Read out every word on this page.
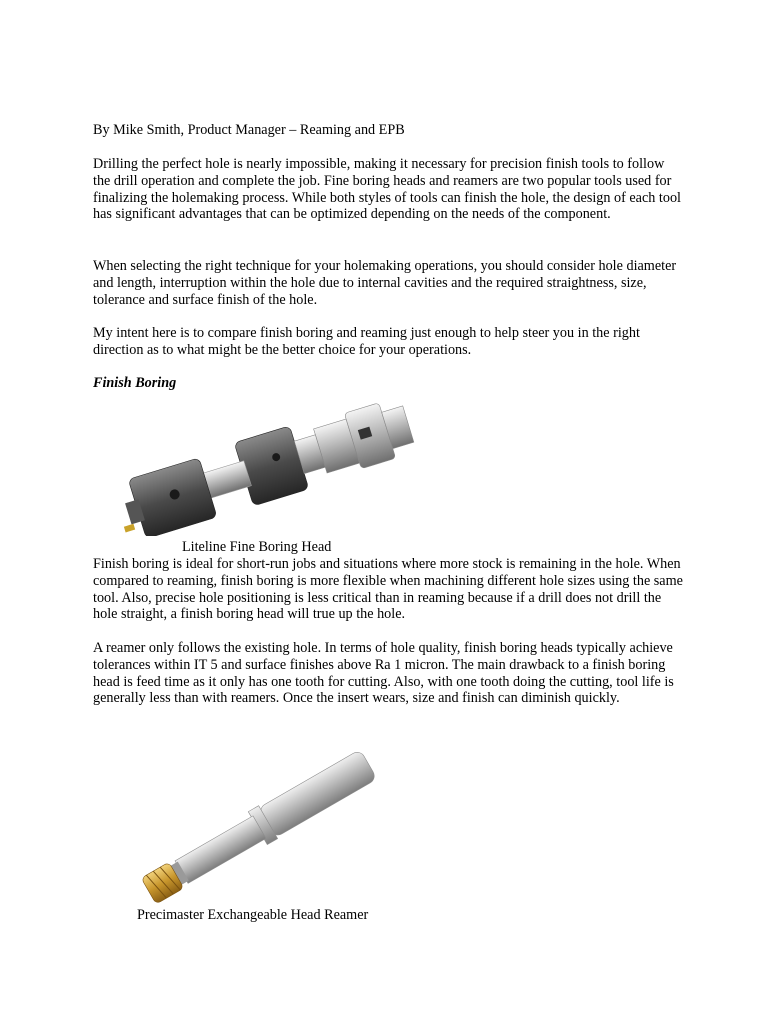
By Mike Smith, Product Manager – Reaming and EPB

Drilling the perfect hole is nearly impossible, making it necessary for precision finish tools to follow the drill operation and complete the job. Fine boring heads and reamers are two popular tools used for finalizing the holemaking process. While both styles of tools can finish the hole, the design of each tool has significant advantages that can be optimized depending on the needs of the component.

When selecting the right technique for your holemaking operations, you should consider hole diameter and length, interruption within the hole due to internal cavities and the required straightness, size, tolerance and surface finish of the hole.

My intent here is to compare finish boring and reaming just enough to help steer you in the right direction as to what might be the better choice for your operations.

Finish Boring

Liteline Fine Boring Head

Finish boring is ideal for short-run jobs and situations where more stock is remaining in the hole. When compared to reaming, finish boring is more flexible when machining different hole sizes using the same tool. Also, precise hole positioning is less critical than in reaming because if a drill does not drill the hole straight, a finish boring head will true up the hole.

A reamer only follows the existing hole. In terms of hole quality, finish boring heads typically achieve tolerances within IT 5 and surface finishes above Ra 1 micron. The main drawback to a finish boring head is feed time as it only has one tooth for cutting. Also, with one tooth doing the cutting, tool life is generally less than with reamers. Once the insert wears, size and finish can diminish quickly.

Precimaster Exchangeable Head Reamer
